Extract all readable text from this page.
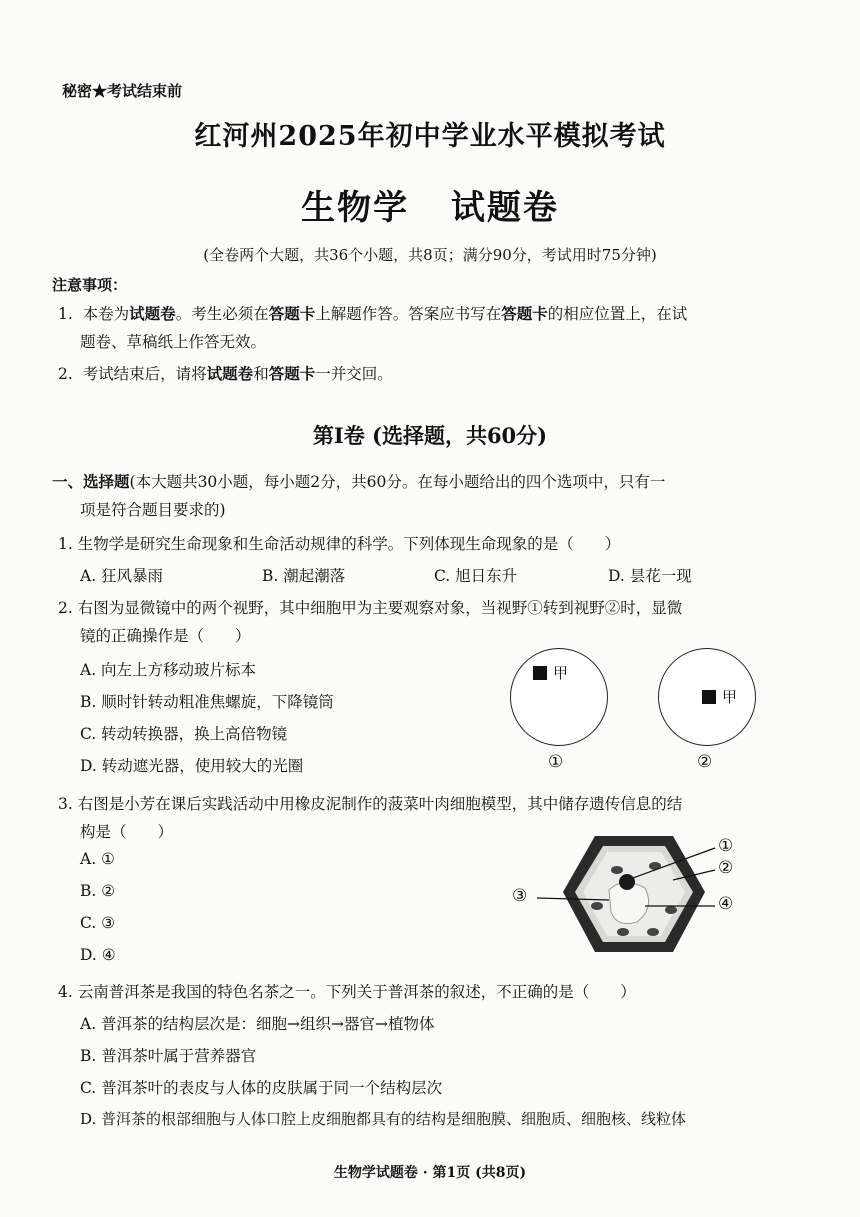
秘密★考试结束前
红河州2025年初中学业水平模拟考试
生物学 试题卷
(全卷两个大题，共36个小题，共8页；满分90分，考试用时75分钟)
注意事项：
1. 本卷为试题卷。考生必须在答题卡上解题作答。答案应书写在答题卡的相应位置上，在试
题卷、草稿纸上作答无效。
2. 考试结束后，请将试题卷和答题卡一并交回。
第Ⅰ卷 (选择题，共60分)
一、选择题(本大题共30小题，每小题2分，共60分。在每小题给出的四个选项中，只有一
项是符合题目要求的)
1. 生物学是研究生命现象和生命活动规律的科学。下列体现生命现象的是（　　）
A. 狂风暴雨	B. 潮起潮落	C. 旭日东升	D. 昙花一现
2. 右图为显微镜中的两个视野，其中细胞甲为主要观察对象，当视野①转到视野②时，显微
镜的正确操作是（　　）
A. 向左上方移动玻片标本
B. 顺时针转动粗准焦螺旋，下降镜筒
C. 转动转换器，换上高倍物镜
D. 转动遮光器，使用较大的光圈
甲
①
甲
②
3. 右图是小芳在课后实践活动中用橡皮泥制作的菠菜叶肉细胞模型，其中储存遗传信息的结
构是（　　）
A. ①
B. ②
C. ③
D. ④
①
②
③	④
4. 云南普洱茶是我国的特色名茶之一。下列关于普洱茶的叙述，不正确的是（　　）
A. 普洱茶的结构层次是：细胞→组织→器官→植物体
B. 普洱茶叶属于营养器官
C. 普洱茶叶的表皮与人体的皮肤属于同一个结构层次
D. 普洱茶的根部细胞与人体口腔上皮细胞都具有的结构是细胞膜、细胞质、细胞核、线粒体
生物学试题卷 · 第1页 (共8页)
